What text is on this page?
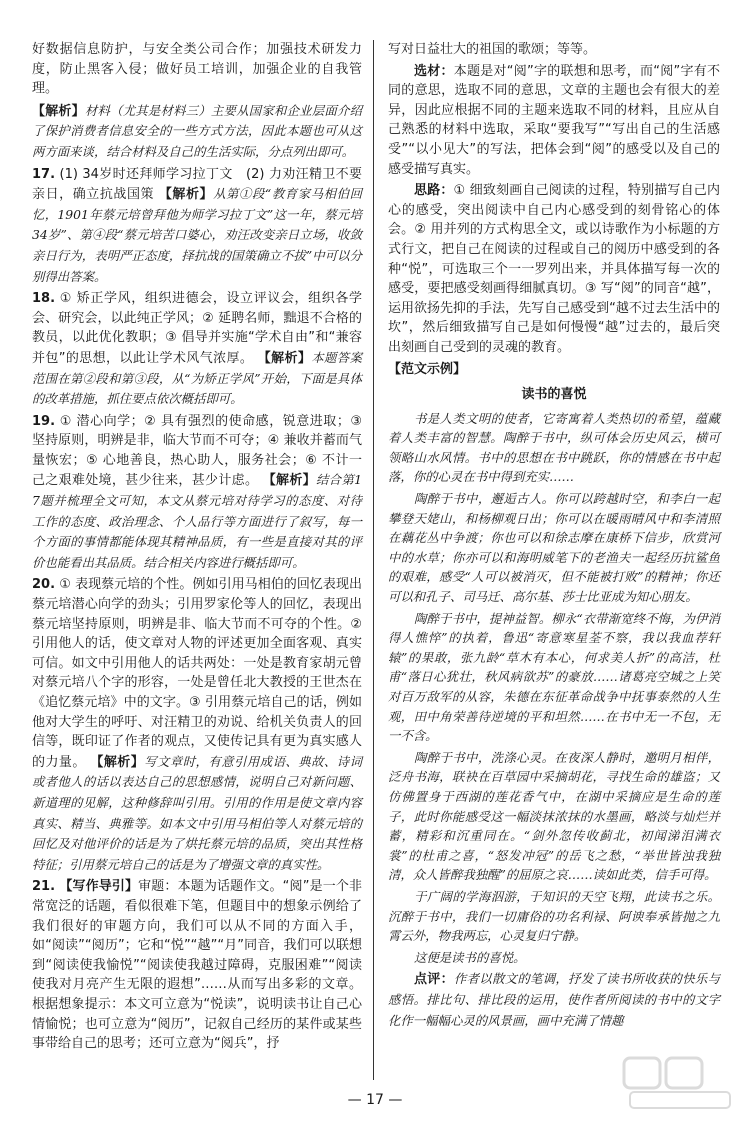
好数据信息防护，与安全类公司合作；加强技术研发力度，防止黑客入侵；做好员工培训，加强企业的自我管理。

【解析】材料（尤其是材料三）主要从国家和企业层面介绍了保护消费者信息安全的一些方式方法，因此本题也可从这两方面来谈，结合材料及自己的生活实际，分点列出即可。

17. (1) 34岁时还拜师学习拉丁文　(2) 力劝汪精卫不要亲日，确立抗战国策 【解析】从第①段“教育家马相伯回忆，1901年蔡元培曾拜他为师学习拉丁文”这一年，蔡元培34岁”、第④段“蔡元培苦口婆心，劝汪改变亲日立场，收敛亲日行为，表明严正态度，择抗战的国策确立不拔”中可以分别得出答案。

18. ① 矫正学风，组织进德会，设立评议会，组织各学会、研究会，以此纯正学风；② 延聘名师，黜退不合格的教员，以此优化教职；③ 倡导并实施“学术自由”和“兼容并包”的思想，以此让学术风气浓厚。 【解析】本题答案范围在第②段和第③段，从“为矫正学风”开始，下面是具体的改革措施，抓住要点依次概括即可。

19. ① 潜心向学；② 具有强烈的使命感，锐意进取；③ 坚持原则，明辨是非，临大节而不可夺；④ 兼收并蓄而气量恢宏；⑤ 心地善良，热心助人，服务社会；⑥ 不计一己之艰难处境，甚少往来，甚少计虑。 【解析】结合第17题并梳理全文可知，本文从蔡元培对待学习的态度、对待工作的态度、政治理念、个人品行等方面进行了叙写，每一个方面的事情都能体现其精神品质，有一些是直接对其的评价也能看出其品质。结合相关内容进行概括即可。

20. ① 表现蔡元培的个性。例如引用马相伯的回忆表现出蔡元培潜心向学的劲头；引用罗家伦等人的回忆，表现出蔡元培坚持原则，明辨是非、临大节而不可夺的个性。② 引用他人的话，使文章对人物的评述更加全面客观、真实可信。如文中引用他人的话共两处：一处是教育家胡元曾对蔡元培八个字的形容，一处是曾任北大教授的王世杰在《追忆蔡元培》中的文字。③ 引用蔡元培自己的话，例如他对大学生的呼吁、对汪精卫的劝说、给机关负责人的回信等，既印证了作者的观点，又使传记具有更为真实感人的力量。 【解析】写文章时，有意引用成语、典故、诗词或者他人的话以表达自己的思想感情，说明自己对新问题、新道理的见解，这种修辞叫引用。引用的作用是使文章内容真实、精当、典雅等。如本文中引用马相伯等人对蔡元培的回忆及对他评价的话是为了烘托蔡元培的品质，突出其性格特征；引用蔡元培自己的话是为了增强文章的真实性。

21. 【写作导引】审题：本题为话题作文。“阅”是一个非常宽泛的话题，看似很难下笔，但题目中的想象示例给了我们很好的审题方向，我们可以从不同的方面入手，如“阅读”“阅历”；它和“悦”“越”“月”同音，我们可以联想到“阅读使我愉悦”“阅读使我越过障碍，克服困难”“阅读使我对月亮产生无限的遐想”……从而写出多彩的文章。根据想象提示：本文可立意为“悦读”，说明读书让自己心情愉悦；也可立意为“阅历”，记叙自己经历的某件或某些事带给自己的思考；还可立意为“阅兵”，抒

写对日益壮大的祖国的歌颂；等等。

选材：本题是对“阅”字的联想和思考，而“阅”字有不同的意思，选取不同的意思，文章的主题也会有很大的差异，因此应根据不同的主题来选取不同的材料，且应从自己熟悉的材料中选取，采取“要我写”“写出自己的生活感受”“以小见大”的写法，把体会到“阅”的感受以及自己的感受描写真实。

思路：① 细致刻画自己阅读的过程，特别描写自己内心的感受，突出阅读中自己内心感受到的刻骨铭心的体会。② 用并列的方式构思全文，或以诗歌作为小标题的方式行文，把自己在阅读的过程或自己的阅历中感受到的各种“悦”，可选取三个一一罗列出来，并具体描写每一次的感受，要把感受刻画得细腻真切。③ 写“阅”的同音“越”，运用欲扬先抑的手法，先写自己感受到“越不过去生活中的坎”，然后细致描写自己是如何慢慢“越”过去的，最后突出刻画自己受到的灵魂的教育。

【范文示例】

读书的喜悦

书是人类文明的使者，它寄寓着人类热切的希望，蕴藏着人类丰富的智慧。陶醉于书中，纵可体会历史风云，横可领略山水风情。书中的思想在书中跳跃，你的情感在书中起落，你的心灵在书中得到充实……

陶醉于书中，邂逅古人。你可以跨越时空，和李白一起攀登天姥山，和杨柳观日出；你可以在暖雨晴风中和李清照在藕花丛中争渡；你也可以和徐志摩在康桥下信步，欣赏河中的水草；你亦可以和海明威笔下的老渔夫一起经历抗鲨鱼的艰难，感受“人可以被消灭，但不能被打败”的精神；你还可以和孔子、司马迁、高尔基、莎士比亚成为知心朋友。

陶醉于书中，提神益智。柳永“衣带渐宽终不悔，为伊消得人憔悴”的执着，鲁迅“寄意寒星荃不察，我以我血荐轩辕”的果敢，张九龄“草木有本心，何求美人折”的高洁，杜甫“落日心犹壮，秋风病欲苏”的豪放……诸葛亮空城之上笑对百万敌军的从容，朱德在东征革命战争中抚事泰然的人生观，田中角荣善待逆境的平和坦然……在书中无一不包，无一不含。

陶醉于书中，洗涤心灵。在夜深人静时，邀明月相伴，泛舟书海，联袂在百草园中采摘胡花，寻找生命的雄盗；又仿佛置身于西湖的莲花香气中，在湖中采摘应是生命的莲子，此时你能感受这一幅淡抹浓抹的水墨画，略淡与灿烂并蓄，精彩和沉重同在。“剑外忽传收蓟北，初闻涕泪满衣裳”的杜甫之喜，“怒发冲冠”的岳飞之愁，“举世皆浊我独清，众人皆醉我独醒”的屈原之哀……读如此类，信手可得。

于广阔的学海泅游，于知识的天空飞翔，此读书之乐。沉醉于书中，我们一切庸俗的功名利禄、阿谀奉承皆抛之九霄云外，物我两忘，心灵复归宁静。

这便是读书的喜悦。

点评：作者以散文的笔调，抒发了读书所收获的快乐与感悟。排比句、排比段的运用，使作者所阅读的书中的文字化作一幅幅心灵的风景画，画中充满了情趣

— 17 —
